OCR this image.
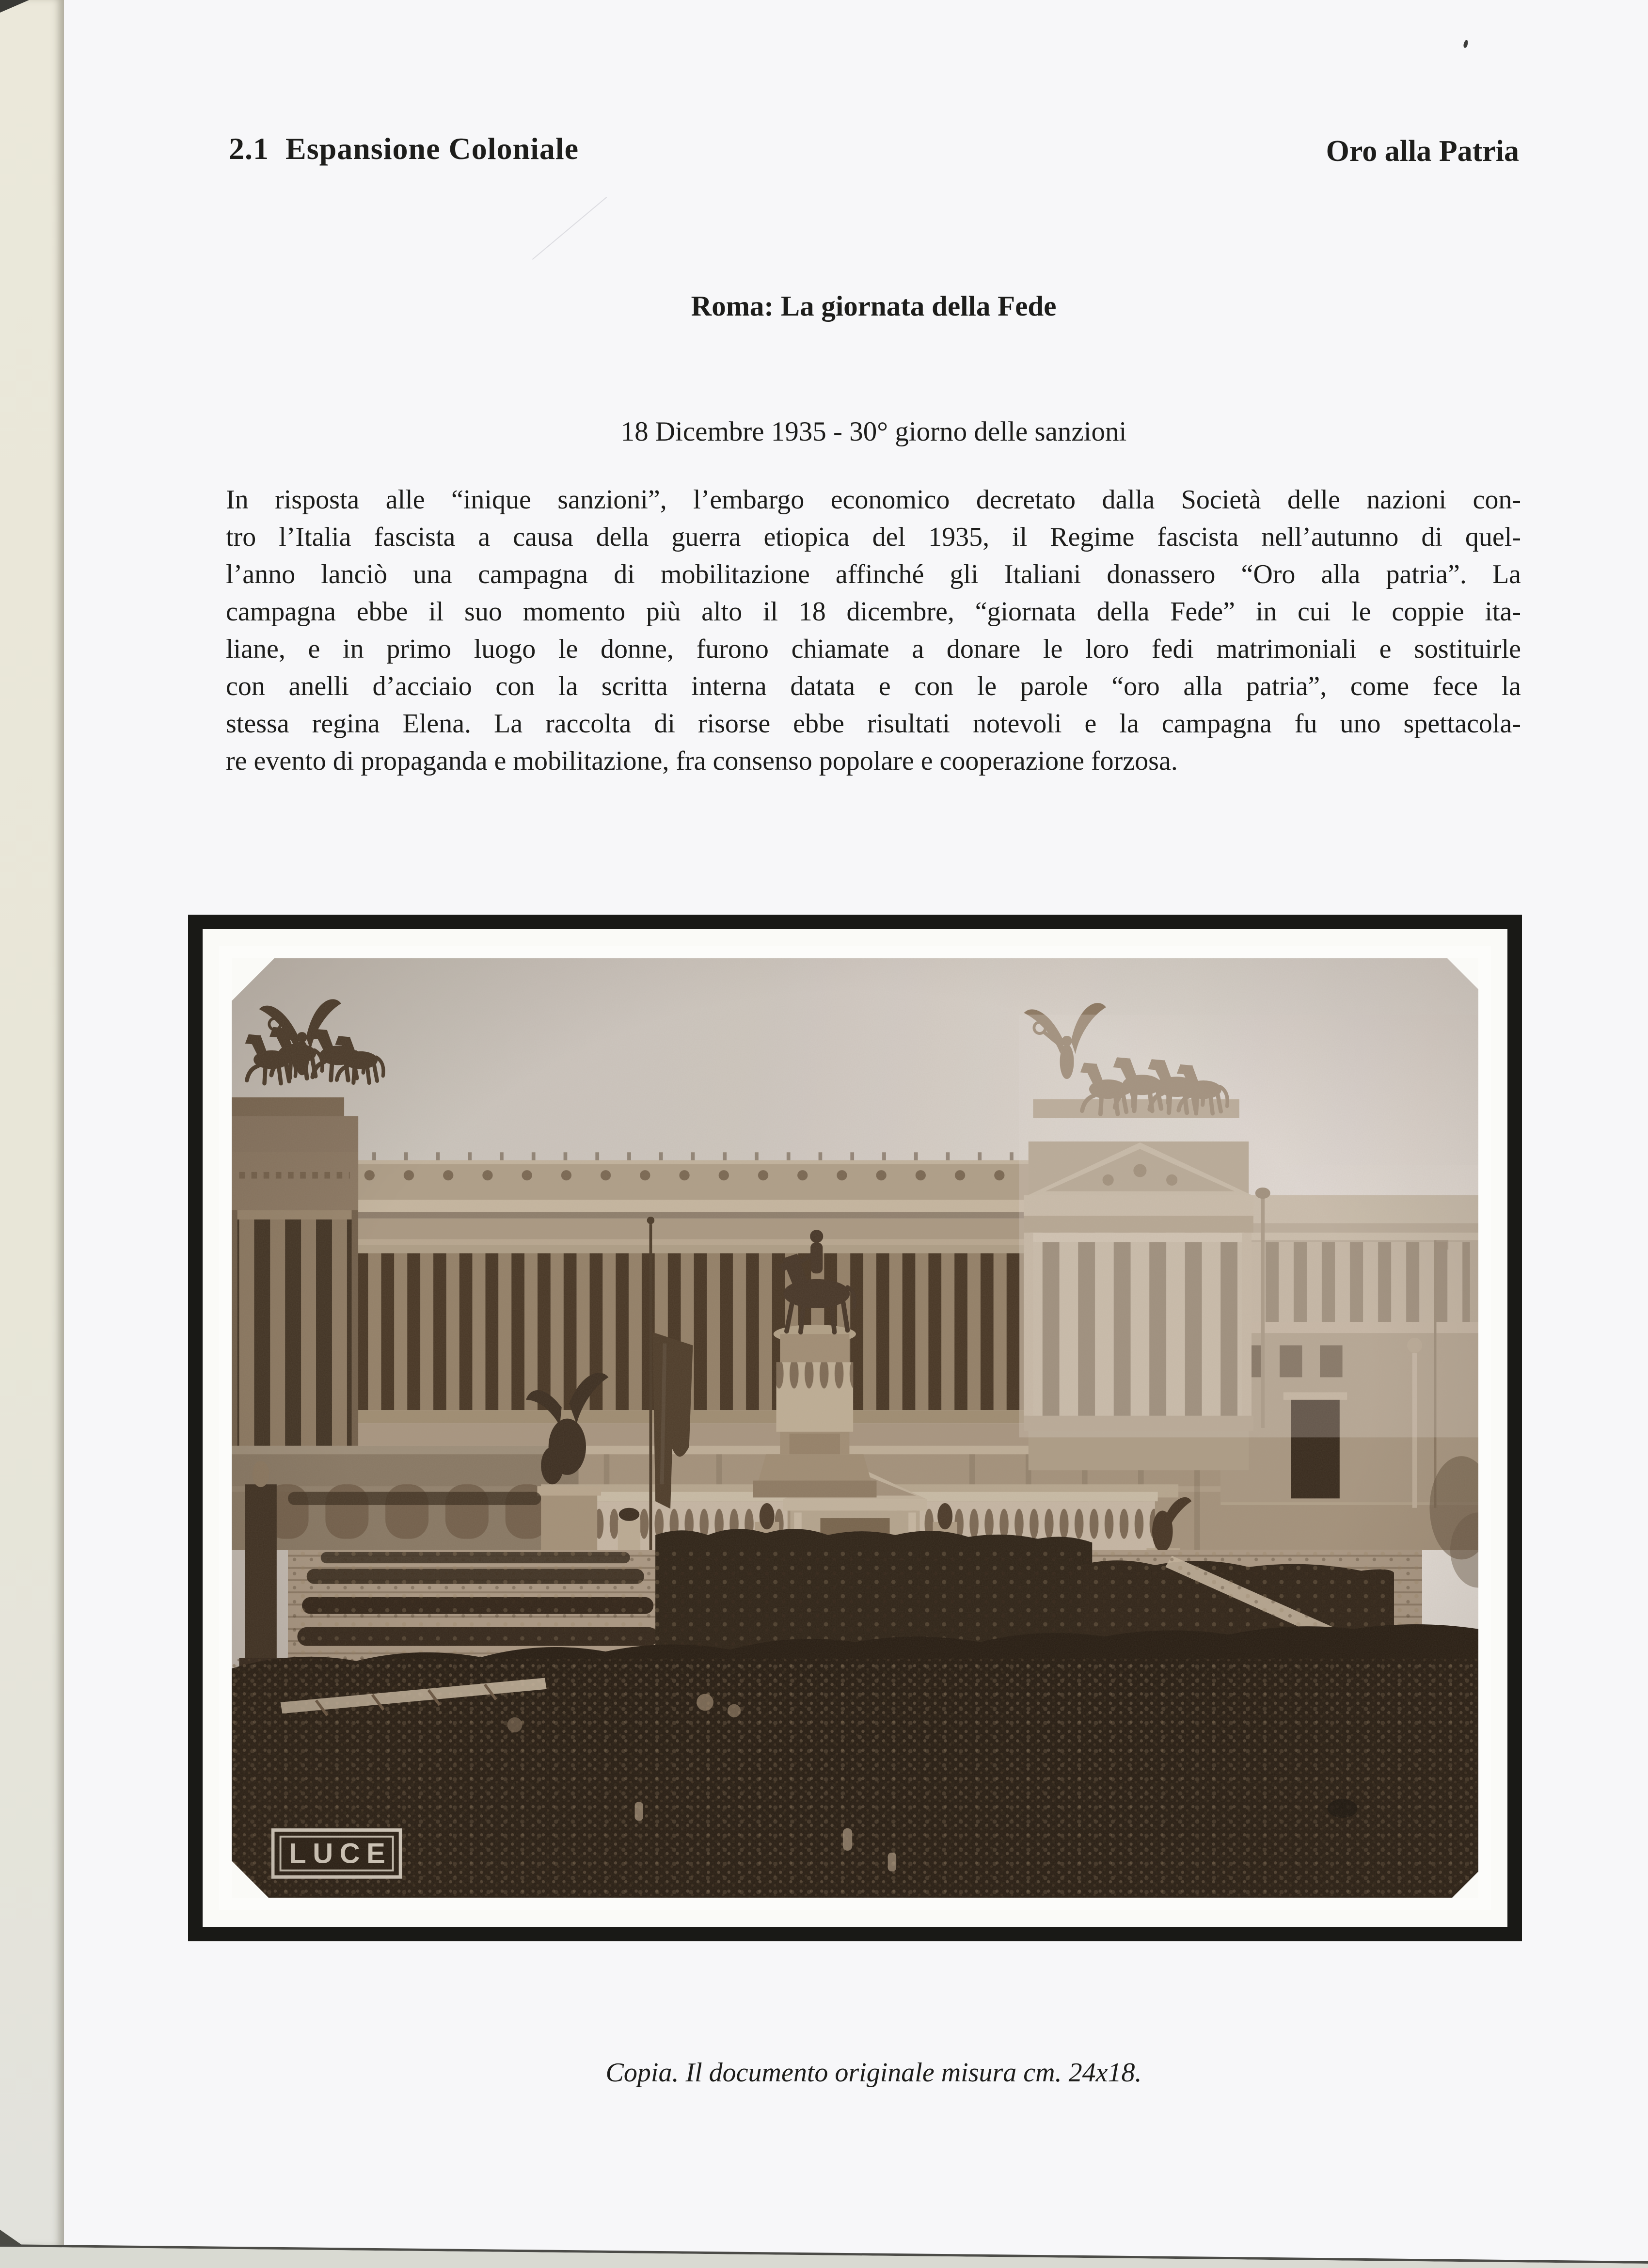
2.1  Espansione Coloniale	Oro alla Patria
Roma: La giornata della Fede
18 Dicembre 1935 - 30° giorno delle sanzioni
In risposta alle “inique sanzioni”, l’embargo economico decretato dalla Società delle nazioni con-
tro l’Italia fascista a causa della guerra etiopica del 1935, il Regime fascista nell’autunno di quel-
l’anno lanciò una campagna di mobilitazione affinché gli Italiani donassero “Oro alla patria”. La
campagna ebbe il suo momento più alto il 18 dicembre, “giornata della Fede” in cui le coppie ita-
liane, e in primo luogo le donne, furono chiamate a donare le loro fedi matrimoniali e sostituirle
con anelli d’acciaio con la scritta interna datata e con le parole “oro alla patria”, come fece la
stessa regina Elena. La raccolta di risorse ebbe risultati notevoli e la campagna fu uno spettacola-
re evento di propaganda e mobilitazione, fra consenso popolare e cooperazione forzosa.
Copia. Il documento originale misura cm. 24x18.
